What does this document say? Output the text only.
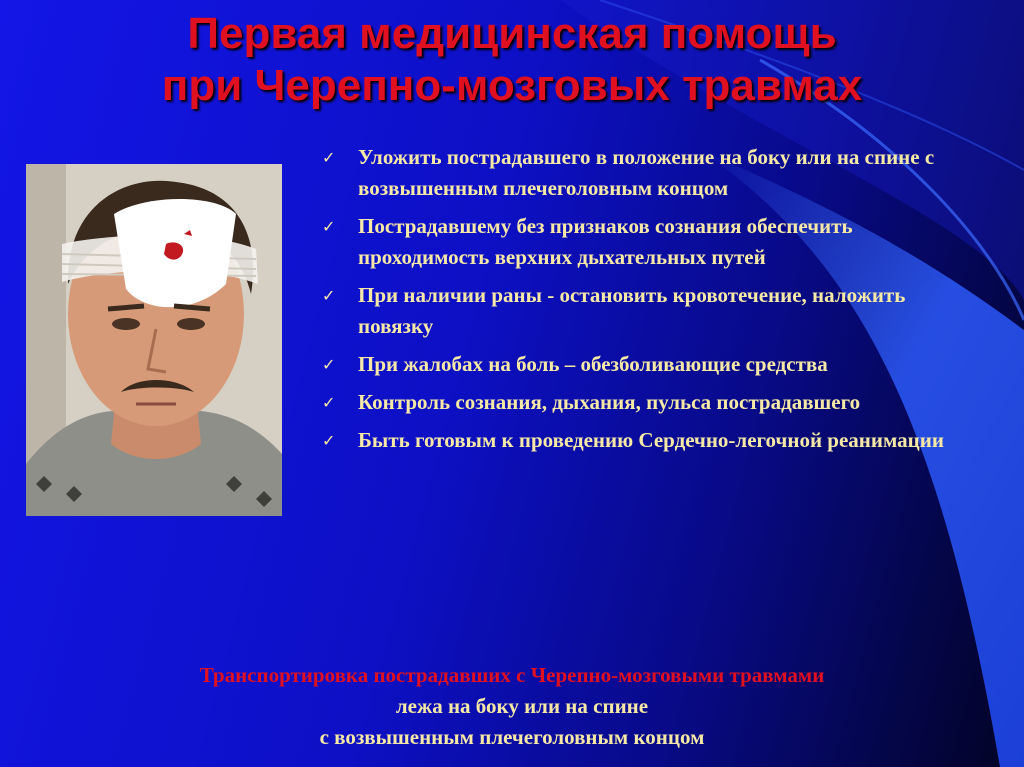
Первая медицинская помощь
при Черепно-мозговых травмах
✓ Уложить пострадавшего в положение на боку или на спине с возвышенным плечеголовным концом
✓ Пострадавшему без признаков сознания обеспечить проходимость верхних дыхательных путей
✓ При наличии раны - остановить кровотечение, наложить повязку
✓ При жалобах на боль – обезболивающие средства
✓ Контроль сознания, дыхания, пульса пострадавшего
✓ Быть готовым к проведению Сердечно-легочной реанимации
Транспортировка пострадавших с Черепно-мозговыми травмами
лежа на боку или на спине
с возвышенным плечеголовным концом
